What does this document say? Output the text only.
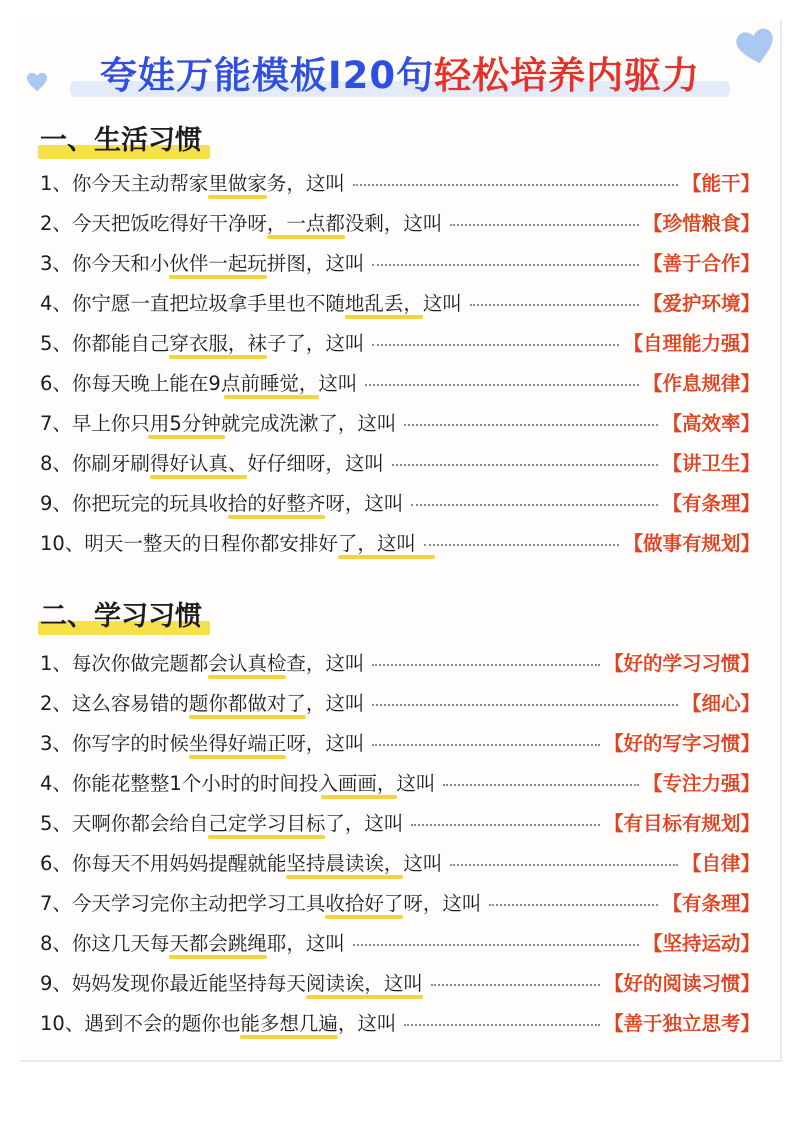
夸娃万能模板I20句轻松培养内驱力
一、生活习惯
1、 你今天主动帮家里做家务，这叫	【能干】
2、 今天把饭吃得好干净呀，一点都没剩，这叫	【珍惜粮食】
3、 你今天和小伙伴一起玩拼图，这叫	【善于合作】
4、 你宁愿一直把垃圾拿手里也不随地乱丢，这叫	【爱护环境】
5、 你都能自己穿衣服，袜子了，这叫	【自理能力强】
6、 你每天晚上能在9点前睡觉，这叫	【作息规律】
7、 早上你只用5分钟就完成洗漱了，这叫	【高效率】
8、 你刷牙刷得好认真、好仔细呀，这叫	【讲卫生】
9、 你把玩完的玩具收拾的好整齐呀，这叫	【有条理】
10、 明天一整天的日程你都安排好了，这叫	【做事有规划】
二、学习习惯
1、 每次你做完题都会认真检查，这叫	【好的学习习惯】
2、 这么容易错的题你都做对了，这叫	【细心】
3、 你写字的时候坐得好端正呀，这叫	【好的写字习惯】
4、 你能花整整1个小时的时间投入画画，这叫	【专注力强】
5、 天啊你都会给自己定学习目标了，这叫	【有目标有规划】
6、 你每天不用妈妈提醒就能坚持晨读诶，这叫	【自律】
7、 今天学习完你主动把学习工具收拾好了呀，这叫	【有条理】
8、 你这几天每天都会跳绳耶，这叫	【坚持运动】
9、 妈妈发现你最近能坚持每天阅读诶，这叫	【好的阅读习惯】
10、 遇到不会的题你也能多想几遍，这叫	【善于独立思考】
